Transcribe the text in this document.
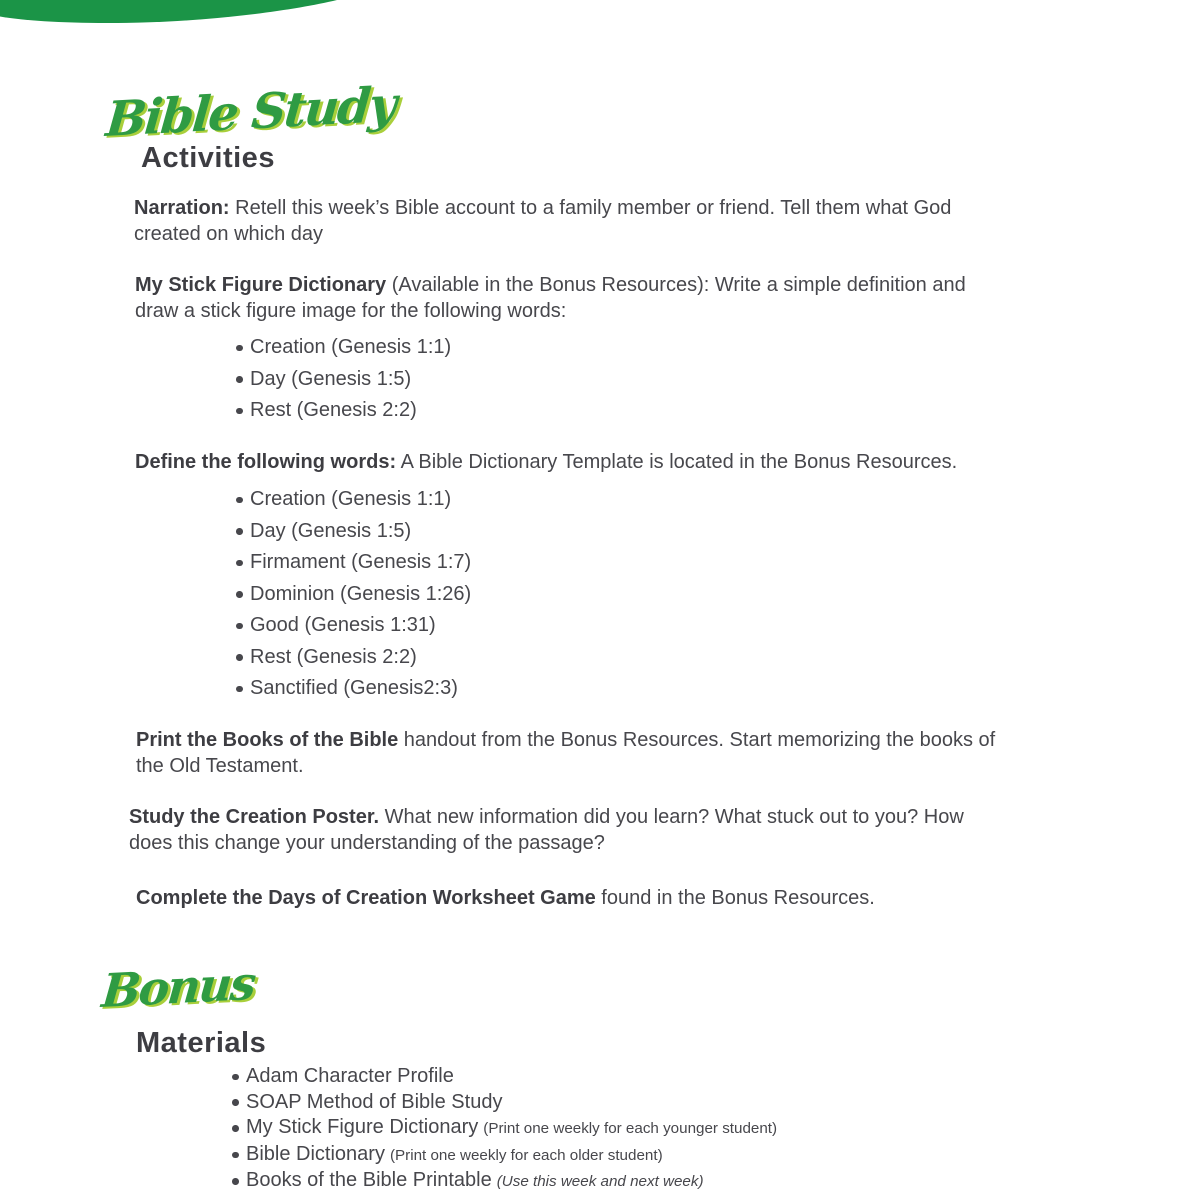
Bible Study
Activities
Narration: Retell this week’s Bible account to a family member or friend. Tell them what God
created on which day
My Stick Figure Dictionary (Available in the Bonus Resources): Write a simple definition and
draw a stick figure image for the following words:
Creation (Genesis 1:1)
Day (Genesis 1:5)
Rest (Genesis 2:2)
Define the following words: A Bible Dictionary Template is located in the Bonus Resources.
Creation (Genesis 1:1)
Day (Genesis 1:5)
Firmament (Genesis 1:7)
Dominion (Genesis 1:26)
Good (Genesis 1:31)
Rest (Genesis 2:2)
Sanctified (Genesis2:3)
Print the Books of the Bible handout from the Bonus Resources. Start memorizing the books of
the Old Testament.
Study the Creation Poster. What new information did you learn? What stuck out to you? How
does this change your understanding of the passage?
Complete the Days of Creation Worksheet Game found in the Bonus Resources.
Bonus
Materials
Adam Character Profile
SOAP Method of Bible Study
My Stick Figure Dictionary (Print one weekly for each younger student)
Bible Dictionary (Print one weekly for each older student)
Books of the Bible Printable (Use this week and next week)
